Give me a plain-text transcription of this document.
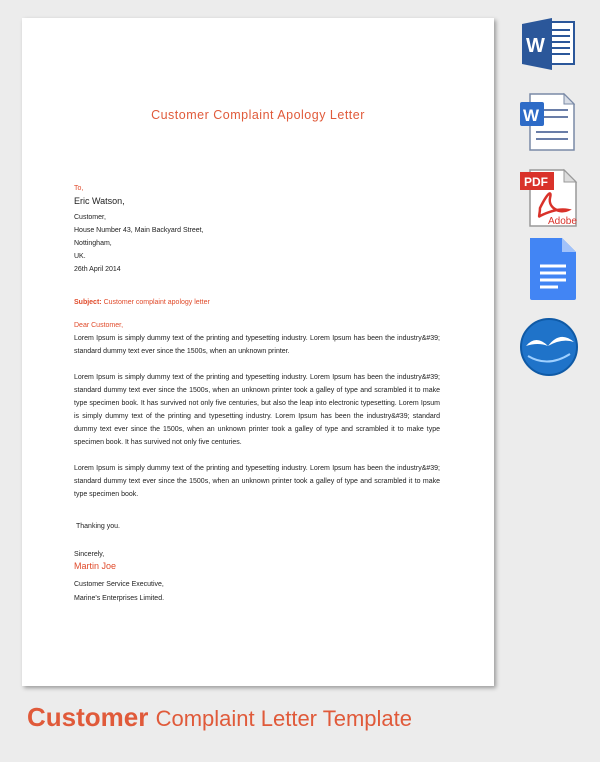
Customer Complaint Apology Letter
To,
Eric Watson,
Customer,
House Number 43, Main Backyard Street,
Nottingham,
UK.
26th April 2014
Subject: Customer complaint apology letter
Dear Customer,

Lorem Ipsum is simply dummy text of the printing and typesetting industry. Lorem Ipsum has been the industry&#39; standard dummy text ever since the 1500s, when an unknown printer.

Lorem Ipsum is simply dummy text of the printing and typesetting industry. Lorem Ipsum has been the industry&#39; standard dummy text ever since the 1500s, when an unknown printer took a galley of type and scrambled it to make type specimen book. It has survived not only five centuries, but also the leap into electronic typesetting. Lorem Ipsum is simply dummy text of the printing and typesetting industry. Lorem Ipsum has been the industry&#39; standard dummy text ever since the 1500s, when an unknown printer took a galley of type and scrambled it to make type specimen book. It has survived not only five centuries.

Lorem Ipsum is simply dummy text of the printing and typesetting industry. Lorem Ipsum has been the industry&#39; standard dummy text ever since the 1500s, when an unknown printer took a galley of type and scrambled it to make type specimen book.

Thanking you.
Sincerely,
Martin Joe
Customer Service Executive,
Marine's Enterprises Limited.
W
W
PDF
Adobe
Customer Complaint Letter Template
